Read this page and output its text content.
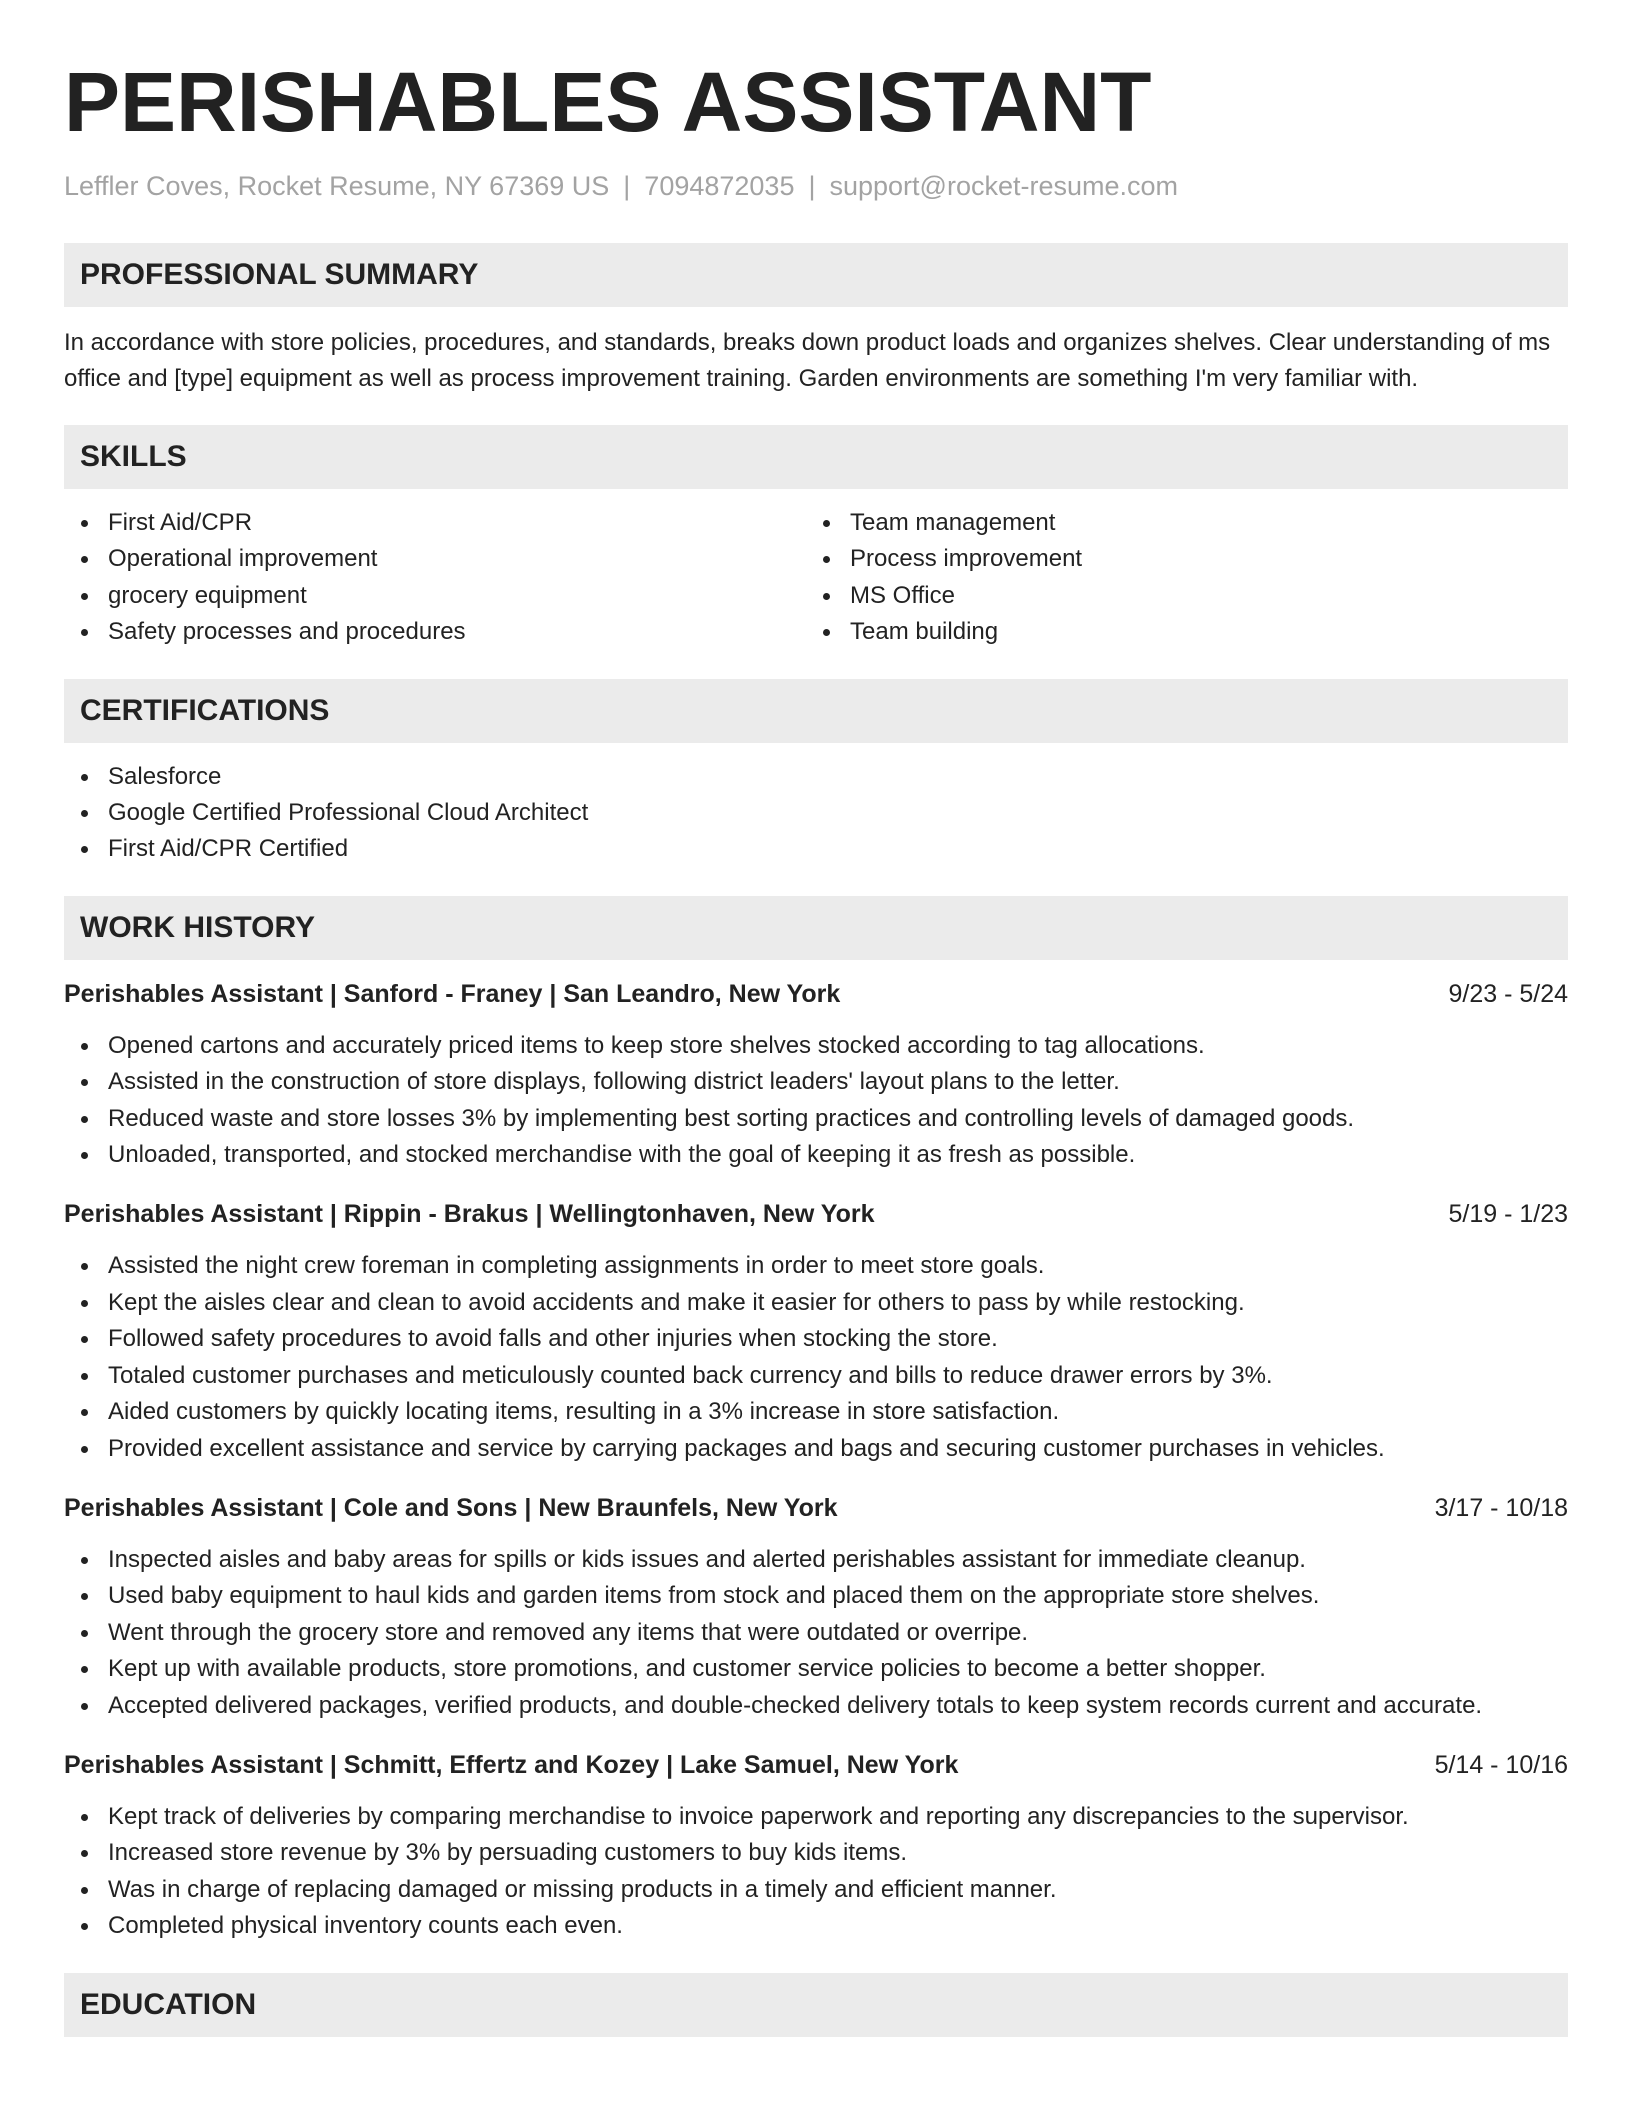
PERISHABLES ASSISTANT
Leffler Coves, Rocket Resume, NY 67369 US | 7094872035 | support@rocket-resume.com
PROFESSIONAL SUMMARY

In accordance with store policies, procedures, and standards, breaks down product loads and organizes shelves. Clear understanding of ms office and [type] equipment as well as process improvement training. Garden environments are something I'm very familiar with.

SKILLS
First Aid/CPR
Operational improvement
grocery equipment
Safety processes and procedures
Team management
Process improvement
MS Office
Team building
CERTIFICATIONS
Salesforce
Google Certified Professional Cloud Architect
First Aid/CPR Certified
WORK HISTORY
Perishables Assistant | Sanford - Franey | San Leandro, New York	9/23 - 5/24
Opened cartons and accurately priced items to keep store shelves stocked according to tag allocations.
Assisted in the construction of store displays, following district leaders' layout plans to the letter.
Reduced waste and store losses 3% by implementing best sorting practices and controlling levels of damaged goods.
Unloaded, transported, and stocked merchandise with the goal of keeping it as fresh as possible.
Perishables Assistant | Rippin - Brakus | Wellingtonhaven, New York	5/19 - 1/23
Assisted the night crew foreman in completing assignments in order to meet store goals.
Kept the aisles clear and clean to avoid accidents and make it easier for others to pass by while restocking.
Followed safety procedures to avoid falls and other injuries when stocking the store.
Totaled customer purchases and meticulously counted back currency and bills to reduce drawer errors by 3%.
Aided customers by quickly locating items, resulting in a 3% increase in store satisfaction.
Provided excellent assistance and service by carrying packages and bags and securing customer purchases in vehicles.
Perishables Assistant | Cole and Sons | New Braunfels, New York	3/17 - 10/18
Inspected aisles and baby areas for spills or kids issues and alerted perishables assistant for immediate cleanup.
Used baby equipment to haul kids and garden items from stock and placed them on the appropriate store shelves.
Went through the grocery store and removed any items that were outdated or overripe.
Kept up with available products, store promotions, and customer service policies to become a better shopper.
Accepted delivered packages, verified products, and double-checked delivery totals to keep system records current and accurate.
Perishables Assistant | Schmitt, Effertz and Kozey | Lake Samuel, New York	5/14 - 10/16
Kept track of deliveries by comparing merchandise to invoice paperwork and reporting any discrepancies to the supervisor.
Increased store revenue by 3% by persuading customers to buy kids items.
Was in charge of replacing damaged or missing products in a timely and efficient manner.
Completed physical inventory counts each even.
EDUCATION
